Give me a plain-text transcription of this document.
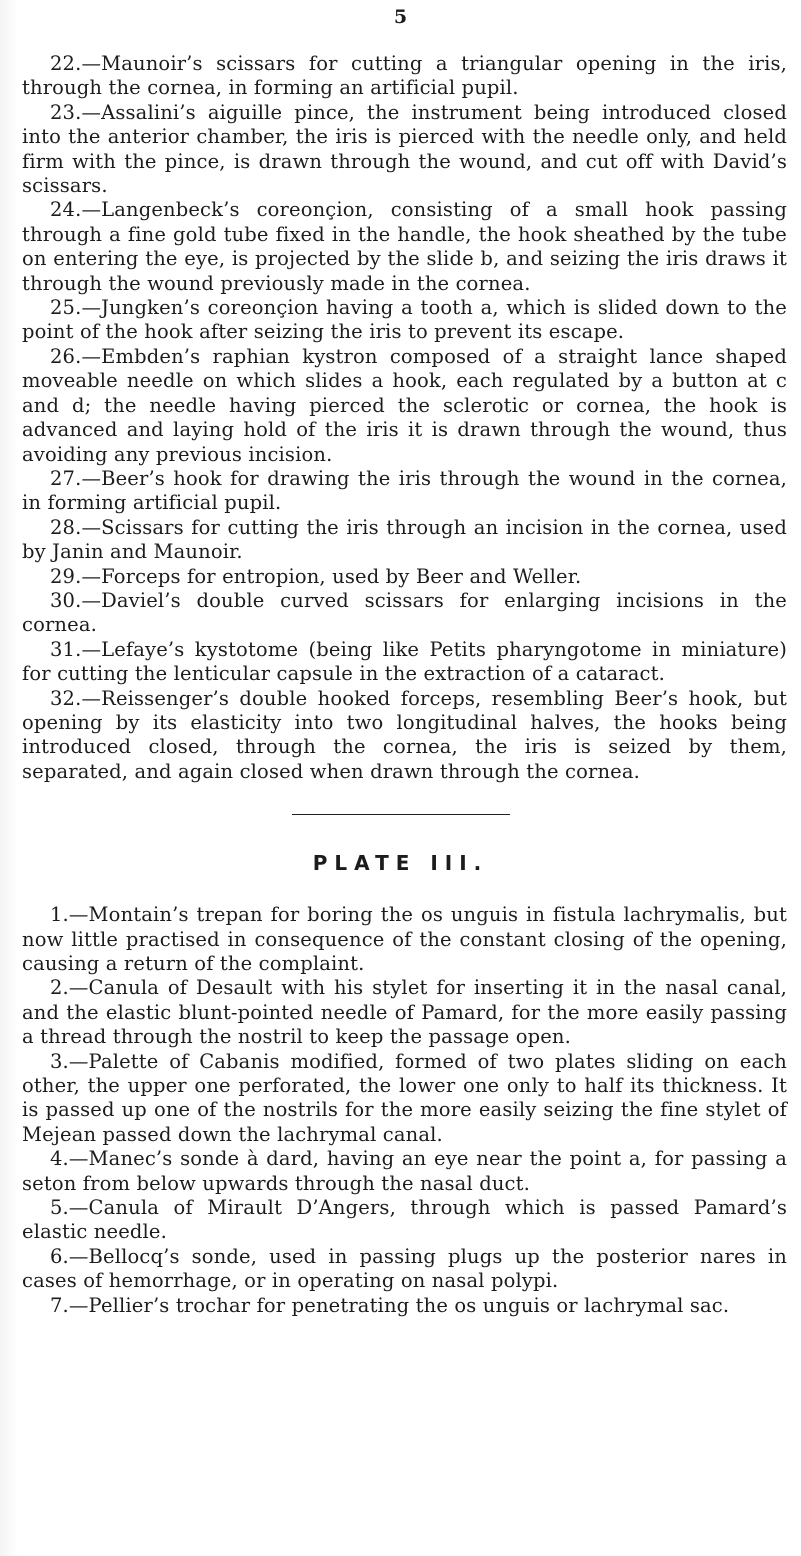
5

22.—Maunoir’s scissars for cutting a triangular opening in the iris, through the cornea, in forming an artificial pupil.

23.—Assalini’s aiguille pince, the instrument being introduced closed into the anterior chamber, the iris is pierced with the needle only, and held firm with the pince, is drawn through the wound, and cut off with David’s scissars.

24.—Langenbeck’s coreonçion, consisting of a small hook passing through a fine gold tube fixed in the handle, the hook sheathed by the tube on entering the eye, is projected by the slide b, and seizing the iris draws it through the wound previously made in the cornea.

25.—Jungken’s coreonçion having a tooth a, which is slided down to the point of the hook after seizing the iris to prevent its escape.

26.—Embden’s raphian kystron composed of a straight lance shaped moveable needle on which slides a hook, each regulated by a button at c and d; the needle having pierced the sclerotic or cornea, the hook is advanced and laying hold of the iris it is drawn through the wound, thus avoiding any previous incision.

27.—Beer’s hook for drawing the iris through the wound in the cornea, in forming artificial pupil.

28.—Scissars for cutting the iris through an incision in the cornea, used by Janin and Maunoir.

29.—Forceps for entropion, used by Beer and Weller.

30.—Daviel’s double curved scissars for enlarging incisions in the cornea.

31.—Lefaye’s kystotome (being like Petits pharyngotome in miniature) for cutting the lenticular capsule in the extraction of a cataract.

32.—Reissenger’s double hooked forceps, resembling Beer’s hook, but opening by its elasticity into two longitudinal halves, the hooks being introduced closed, through the cornea, the iris is seized by them, separated, and again closed when drawn through the cornea.

PLATE III.

1.—Montain’s trepan for boring the os unguis in fistula lachrymalis, but now little practised in consequence of the constant closing of the opening, causing a return of the complaint.

2.—Canula of Desault with his stylet for inserting it in the nasal canal, and the elastic blunt-pointed needle of Pamard, for the more easily passing a thread through the nostril to keep the passage open.

3.—Palette of Cabanis modified, formed of two plates sliding on each other, the upper one perforated, the lower one only to half its thickness. It is passed up one of the nostrils for the more easily seizing the fine stylet of Mejean passed down the lachrymal canal.

4.—Manec’s sonde à dard, having an eye near the point a, for passing a seton from below upwards through the nasal duct.

5.—Canula of Mirault D’Angers, through which is passed Pamard’s elastic needle.

6.—Bellocq’s sonde, used in passing plugs up the posterior nares in cases of hemorrhage, or in operating on nasal polypi.

7.—Pellier’s trochar for penetrating the os unguis or lachrymal sac.
